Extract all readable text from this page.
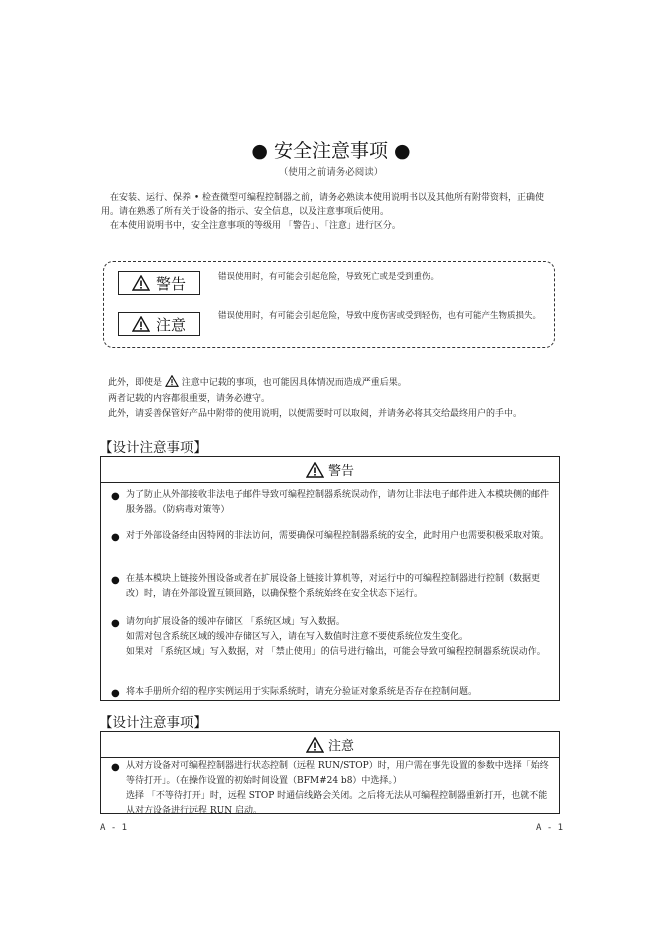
● 安全注意事项 ●
（使用之前请务必阅读）

在安装、运行、保养 • 检查微型可编程控制器之前，请务必熟读本使用说明书以及其他所有附带资料，正确使用。请在熟悉了所有关于设备的指示、安全信息，以及注意事项后使用。

在本使用说明书中，安全注意事项的等级用 「警告」、「注意」进行区分。

警告	错误使用时，有可能会引起危险，导致死亡或是受到重伤。
注意	错误使用时，有可能会引起危险，导致中度伤害或受到轻伤，也有可能产生物质损失。

此外，即使是 注意中记载的事项，也可能因具体情况而造成严重后果。

两者记载的内容都很重要，请务必遵守。

此外，请妥善保管好产品中附带的使用说明，以便需要时可以取阅，并请务必将其交给最终用户的手中。

【设计注意事项】
警告
● 为了防止从外部接收非法电子邮件导致可编程控制器系统误动作，请勿让非法电子邮件进入本模块侧的邮件服务器。（防病毒对策等）

● 对于外部设备经由因特网的非法访问，需要确保可编程控制器系统的安全，此时用户也需要积极采取对策。

● 在基本模块上链接外围设备或者在扩展设备上链接计算机等，对运行中的可编程控制器进行控制（数据更改）时，请在外部设置互锁回路，以确保整个系统始终在安全状态下运行。

● 请勿向扩展设备的缓冲存储区 「系统区域」写入数据。

如需对包含系统区域的缓冲存储区写入，请在写入数值时注意不要使系统位发生变化。

如果对 「系统区域」写入数据，对 「禁止使用」的信号进行输出，可能会导致可编程控制器系统误动作。

● 将本手册所介绍的程序实例运用于实际系统时，请充分验证对象系统是否存在控制问题。

【设计注意事项】
注意
● 从对方设备对可编程控制器进行状态控制（远程 RUN/STOP）时，用户需在事先设置的参数中选择「始终等待打开」。（在操作设置的初始时间设置（BFM#24 b8）中选择。）

选择 「不等待打开」时，远程 STOP 时通信线路会关闭。之后将无法从可编程控制器重新打开，也就不能从对方设备进行远程 RUN 启动。

A - 1	A - 1
